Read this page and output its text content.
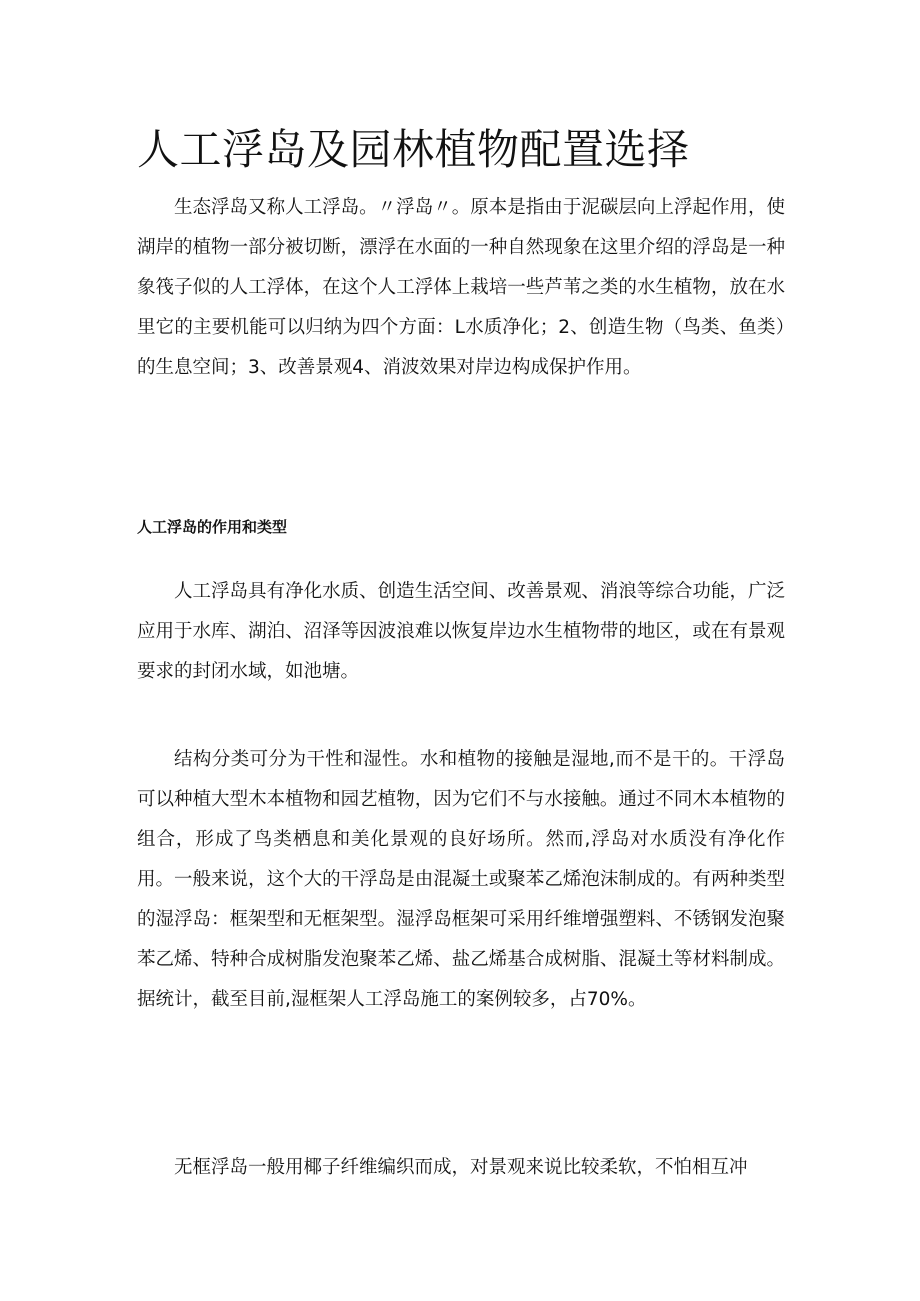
人工浮岛及园林植物配置选择

生态浮岛又称人工浮岛。〃浮岛〃。原本是指由于泥碳层向上浮起作用，使湖岸的植物一部分被切断，漂浮在水面的一种自然现象在这里介绍的浮岛是一种象筏子似的人工浮体，在这个人工浮体上栽培一些芦苇之类的水生植物，放在水里它的主要机能可以归纳为四个方面：L水质净化；2、创造生物（鸟类、鱼类）的生息空间；3、改善景观4、消波效果对岸边构成保护作用。

人工浮岛的作用和类型

人工浮岛具有净化水质、创造生活空间、改善景观、消浪等综合功能，广泛应用于水库、湖泊、沼泽等因波浪难以恢复岸边水生植物带的地区，或在有景观要求的封闭水域，如池塘。

结构分类可分为干性和湿性。水和植物的接触是湿地,而不是干的。干浮岛可以种植大型木本植物和园艺植物，因为它们不与水接触。通过不同木本植物的组合，形成了鸟类栖息和美化景观的良好场所。然而,浮岛对水质没有净化作用。一般来说，这个大的干浮岛是由混凝土或聚苯乙烯泡沫制成的。有两种类型的湿浮岛：框架型和无框架型。湿浮岛框架可采用纤维增强塑料、不锈钢发泡聚苯乙烯、特种合成树脂发泡聚苯乙烯、盐乙烯基合成树脂、混凝土等材料制成。据统计，截至目前,湿框架人工浮岛施工的案例较多，占70%。

无框浮岛一般用椰子纤维编织而成，对景观来说比较柔软，不怕相互冲
